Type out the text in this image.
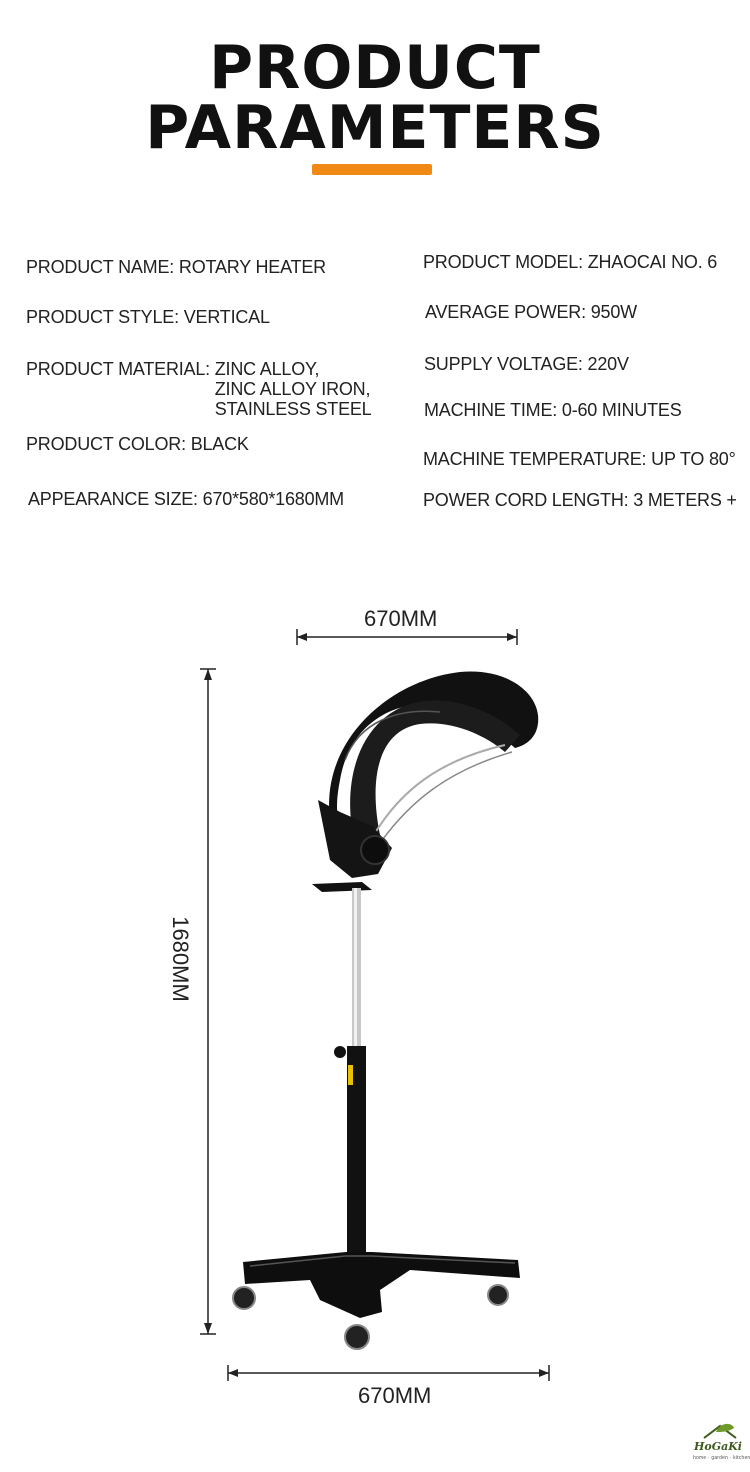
PRODUCT
PARAMETERS
PRODUCT NAME: ROTARY HEATER
PRODUCT STYLE: VERTICAL
PRODUCT MATERIAL: ZINC ALLOY,
ZINC ALLOY IRON,
STAINLESS STEEL
PRODUCT COLOR: BLACK
APPEARANCE SIZE: 670*580*1680MM
PRODUCT MODEL: ZHAOCAI NO. 6
AVERAGE POWER: 950W
SUPPLY VOLTAGE: 220V
MACHINE TIME: 0-60 MINUTES
MACHINE TEMPERATURE: UP TO 80°
POWER CORD LENGTH: 3 METERS +
670MM
1680MM
670MM
HoGaKi
home · garden · kitchen
